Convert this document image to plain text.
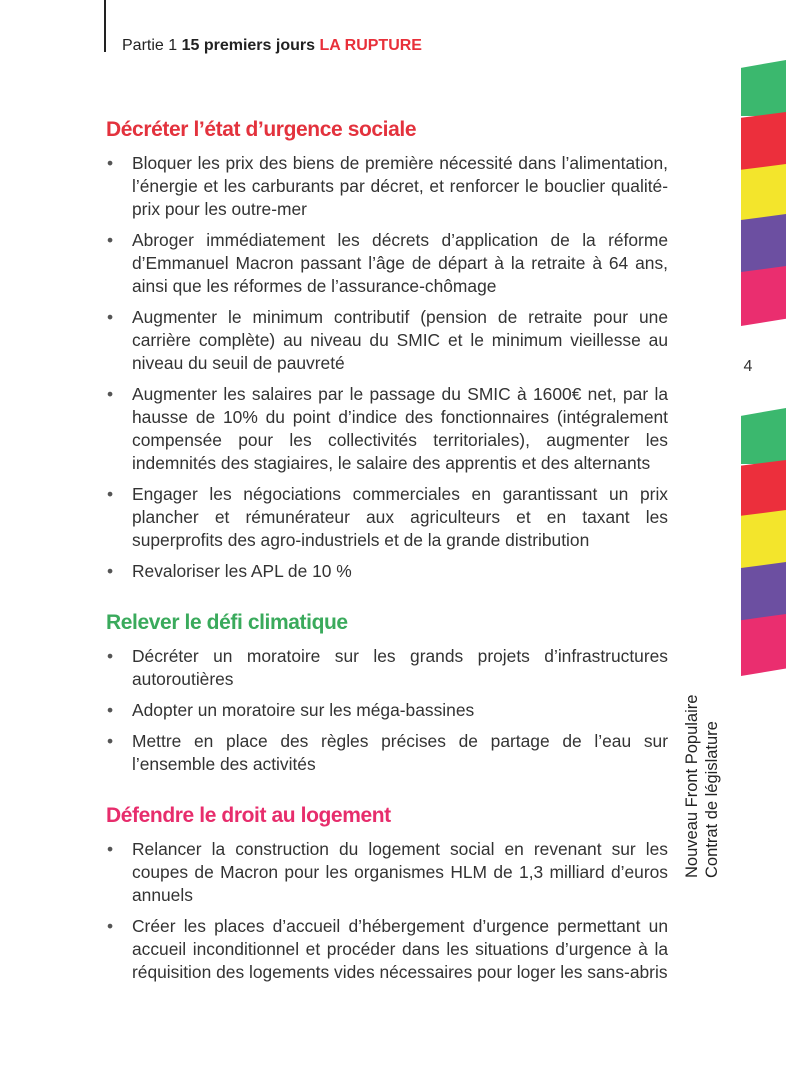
Partie 1 15 premiers jours LA RUPTURE
4
Nouveau Front Populaire Contrat de législature
Décréter l’état d’urgence sociale
• Bloquer les prix des biens de première nécessité dans l’alimentation, l’énergie et les carburants par décret, et renforcer le bouclier qualité-prix pour les outre-mer
• Abroger immédiatement les décrets d’application de la réforme d’Emmanuel Macron passant l’âge de départ à la retraite à 64 ans, ainsi que les réformes de l’assurance-chômage
• Augmenter le minimum contributif (pension de retraite pour une carrière complète) au niveau du SMIC et le minimum vieillesse au niveau du seuil de pauvreté
• Augmenter les salaires par le passage du SMIC à 1600€ net, par la hausse de 10% du point d’indice des fonctionnaires (intégralement compensée pour les collectivités territoriales), augmenter les indemnités des stagiaires, le salaire des apprentis et des alternants
• Engager les négociations commerciales en garantissant un prix plancher et rémunérateur aux agriculteurs et en taxant les superprofits des agro-industriels et de la grande distribution
• Revaloriser les APL de 10 %
Relever le défi climatique
• Décréter un moratoire sur les grands projets d’infrastructures autoroutières
• Adopter un moratoire sur les méga-bassines
• Mettre en place des règles précises de partage de l’eau sur l’ensemble des activités
Défendre le droit au logement
• Relancer la construction du logement social en revenant sur les coupes de Macron pour les organismes HLM de 1,3 milliard d’euros annuels
• Créer les places d’accueil d’hébergement d’urgence permettant un accueil inconditionnel et procéder dans les situations d’urgence à la réquisition des logements vides nécessaires pour loger les sans-abris
